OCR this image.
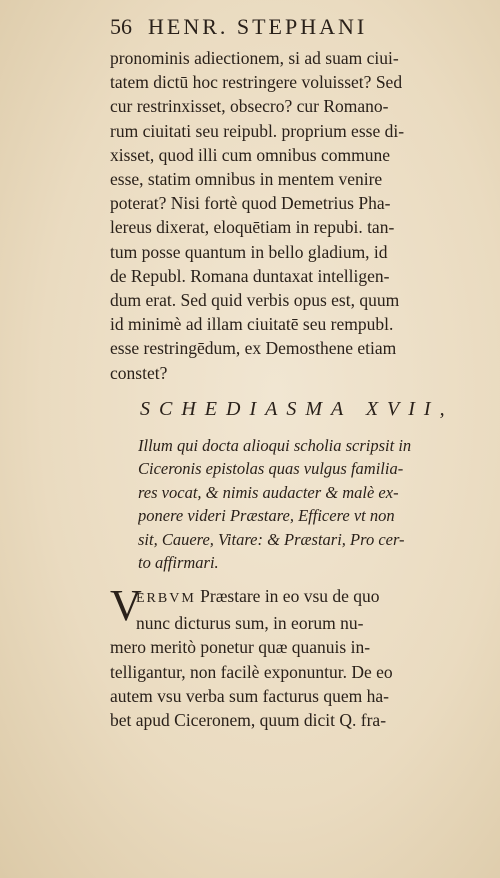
56 HENR. STEPHANI
pronominis adiectionem, si ad suam ciui-
tatem dictū hoc restringere voluisset? Sed
cur restrinxisset, obsecro? cur Romano-
rum ciuitati seu reipubl. proprium esse di-
xisset, quod illi cum omnibus commune
esse, statim omnibus in mentem venire
poterat? Nisi fortè quod Demetrius Pha-
lereus dixerat, eloquētiam in repubi. tan-
tum posse quantum in bello gladium, id
de Republ. Romana duntaxat intelligen-
dum erat. Sed quid verbis opus est, quum
id minimè ad illam ciuitatē seu rempubl.
esse restringēdum, ex Demosthene etiam
constet?
SCHEDIASMA XVII,
Illum qui docta alioqui scholia scripsit in
Ciceronis epistolas quas vulgus familia-
res vocat, & nimis audacter & malè ex-
ponere videri Præstare, Efficere vt non
sit, Cauere, Vitare: & Præstari, Pro cer-
to affirmari.
V
ERBVM Præstare in eo vsu de quo
nunc dicturus sum, in eorum nu-
mero meritò ponetur quæ quanuis in-
telligantur, non facilè exponuntur. De eo
autem vsu verba sum facturus quem ha-
bet apud Ciceronem, quum dicit Q. fra-
